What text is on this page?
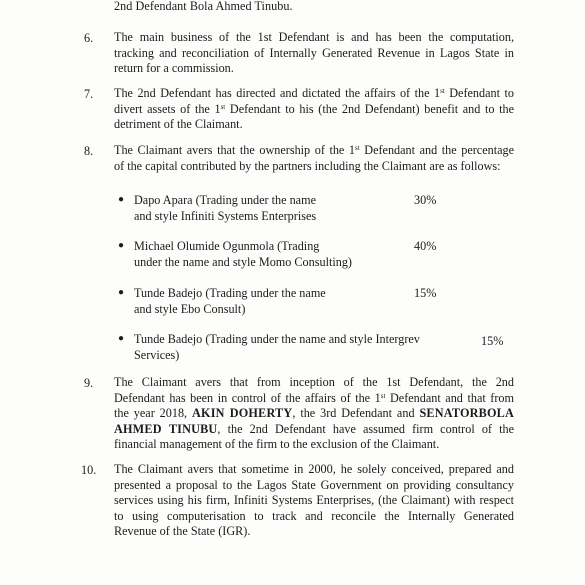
2nd Defendant Bola Ahmed Tinubu.
6. The main business of the 1st Defendant is and has been the computation,
tracking and reconciliation of Internally Generated Revenue in Lagos State in
return for a commission.
7. The 2nd Defendant has directed and dictated the affairs of the 1st Defendant to
divert assets of the 1st Defendant to his (the 2nd Defendant) benefit and to the
detriment of the Claimant.
8. The Claimant avers that the ownership of the 1st Defendant and the percentage
of the capital contributed by the partners including the Claimant are as follows:
● Dapo Apara (Trading under the name
and style Infiniti Systems Enterprises
30%
● Michael Olumide Ogunmola (Trading
under the name and style Momo Consulting)
40%
● Tunde Badejo (Trading under the name
and style Ebo Consult)
15%
● Tunde Badejo (Trading under the name and style Intergrev
Services)
15%
9. The Claimant avers that from inception of the 1st Defendant, the 2nd
Defendant has been in control of the affairs of the 1st Defendant and that from
the year 2018, AKIN DOHERTY, the 3rd Defendant and SENATORBOLA
AHMED TINUBU, the 2nd Defendant have assumed firm control of the
financial management of the firm to the exclusion of the Claimant.
10. The Claimant avers that sometime in 2000, he solely conceived, prepared and
presented a proposal to the Lagos State Government on providing consultancy
services using his firm, Infiniti Systems Enterprises, (the Claimant) with respect
to using computerisation to track and reconcile the Internally Generated
Revenue of the State (IGR).
